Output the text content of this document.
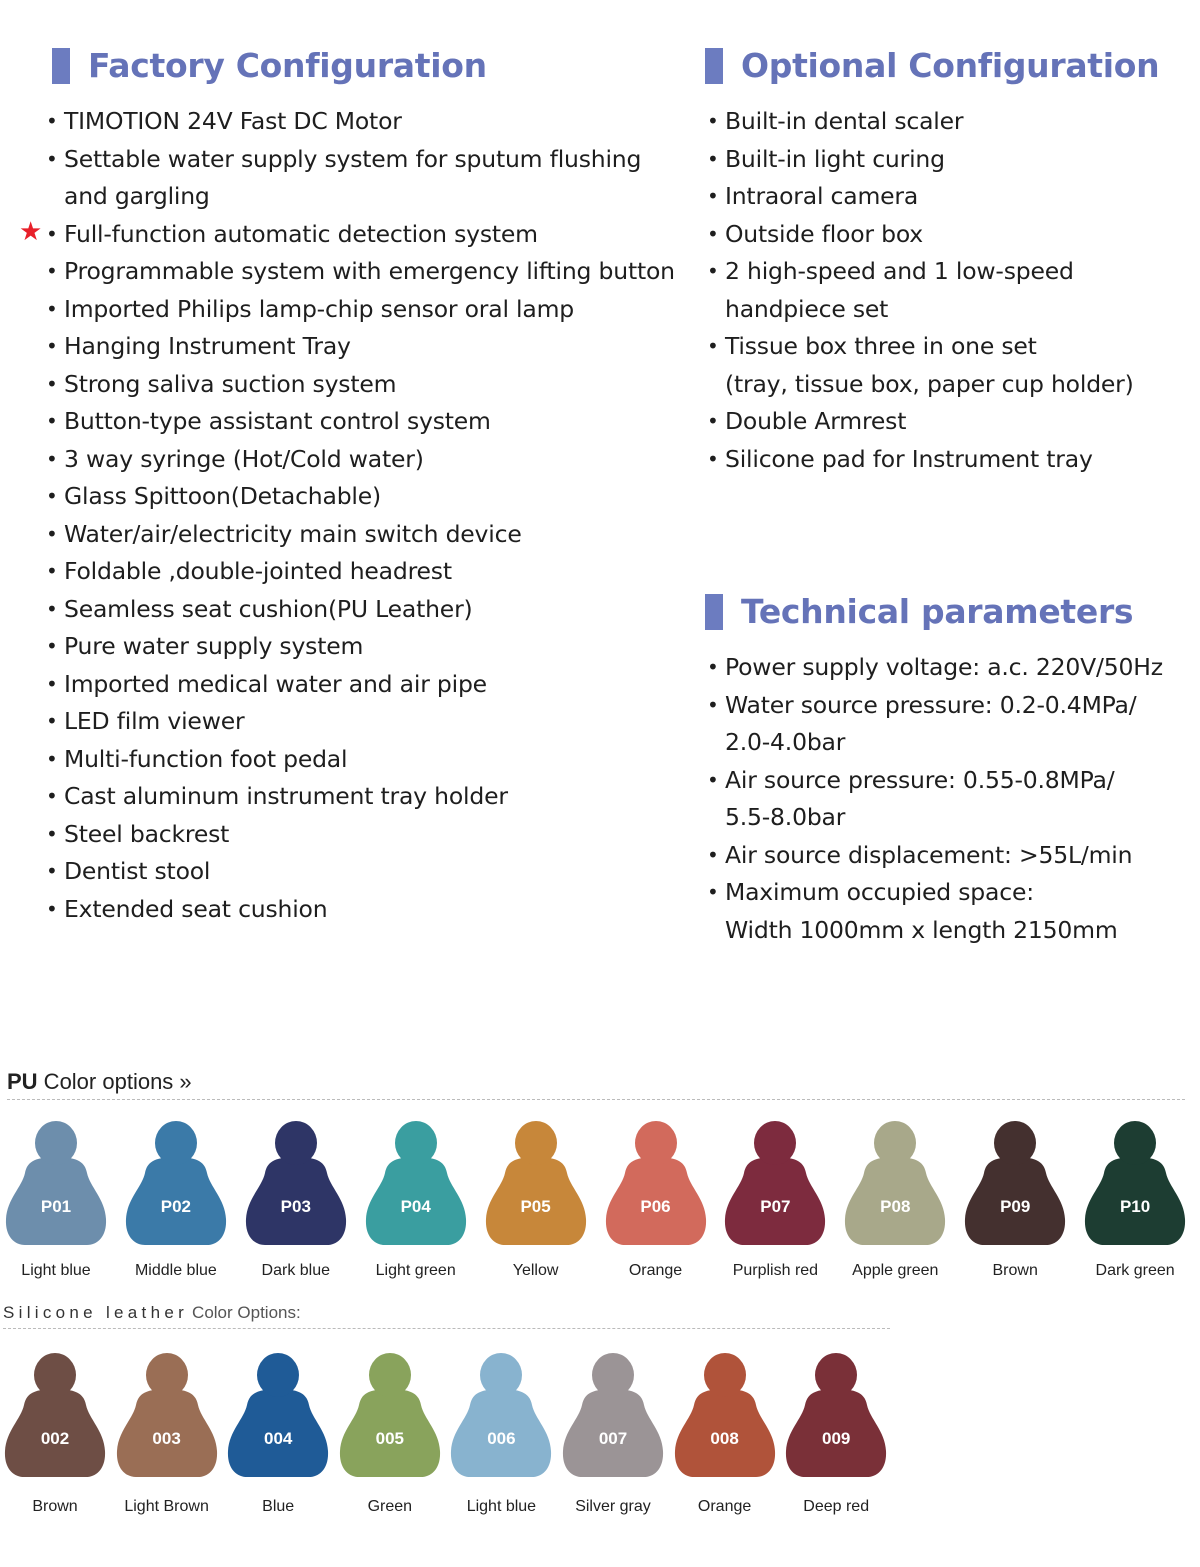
Factory Configuration
★
• TIMOTION 24V Fast DC Motor
• Settable water supply system for sputum flushing
and gargling
• Full-function automatic detection system
• Programmable system with emergency lifting button
• Imported Philips lamp-chip sensor oral lamp
• Hanging Instrument Tray
• Strong saliva suction system
• Button-type assistant control system
• 3 way syringe (Hot/Cold water)
• Glass Spittoon(Detachable)
• Water/air/electricity main switch device
• Foldable ,double-jointed headrest
• Seamless seat cushion(PU Leather)
• Pure water supply system
• Imported medical water and air pipe
• LED film viewer
• Multi-function foot pedal
• Cast aluminum instrument tray holder
• Steel backrest
• Dentist stool
• Extended seat cushion
Optional Configuration
• Built-in dental scaler
• Built-in light curing
• Intraoral camera
• Outside floor box
• 2 high-speed and 1 low-speed
handpiece set
• Tissue box three in one set
(tray, tissue box, paper cup holder)
• Double Armrest
• Silicone pad for Instrument tray
Technical parameters
• Power supply voltage: a.c. 220V/50Hz
• Water source pressure: 0.2-0.4MPa/
2.0-4.0bar
• Air source pressure: 0.55-0.8MPa/
5.5-8.0bar
• Air source displacement: >55L/min
• Maximum occupied space:
Width 1000mm x length 2150mm
PU Color options »
P01
Light blue
P02
Middle blue
P03
Dark blue
P04
Light green
P05
Yellow
P06
Orange
P07
Purplish red
P08
Apple green
P09
Brown
P10
Dark green
Silicone leather Color Options:
002
Brown
003
Light Brown
004
Blue
005
Green
006
Light blue
007
Silver gray
008
Orange
009
Deep red
